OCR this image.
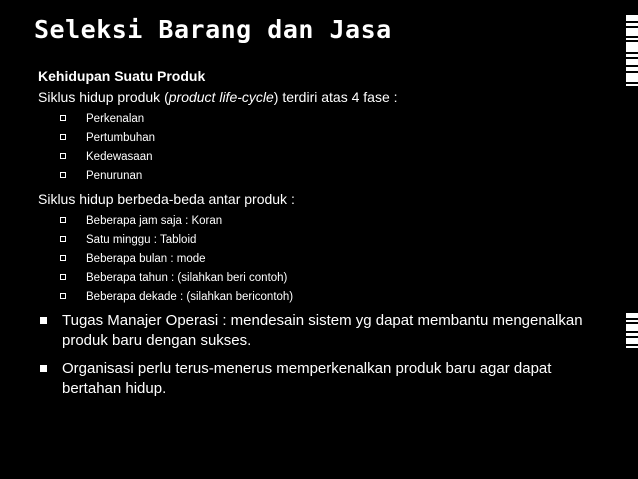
Seleksi Barang dan Jasa

Kehidupan Suatu Produk

Siklus hidup produk (product life-cycle) terdiri atas 4 fase :

Perkenalan
Pertumbuhan
Kedewasaan
Penurunan

Siklus hidup berbeda-beda antar produk :

Beberapa jam saja : Koran
Satu minggu : Tabloid
Beberapa bulan : mode
Beberapa tahun : (silahkan beri contoh)
Beberapa dekade : (silahkan bericontoh)
Tugas Manajer Operasi : mendesain sistem yg dapat membantu mengenalkan produk baru dengan sukses.
Organisasi perlu terus-menerus memperkenalkan produk baru agar dapat bertahan hidup.
